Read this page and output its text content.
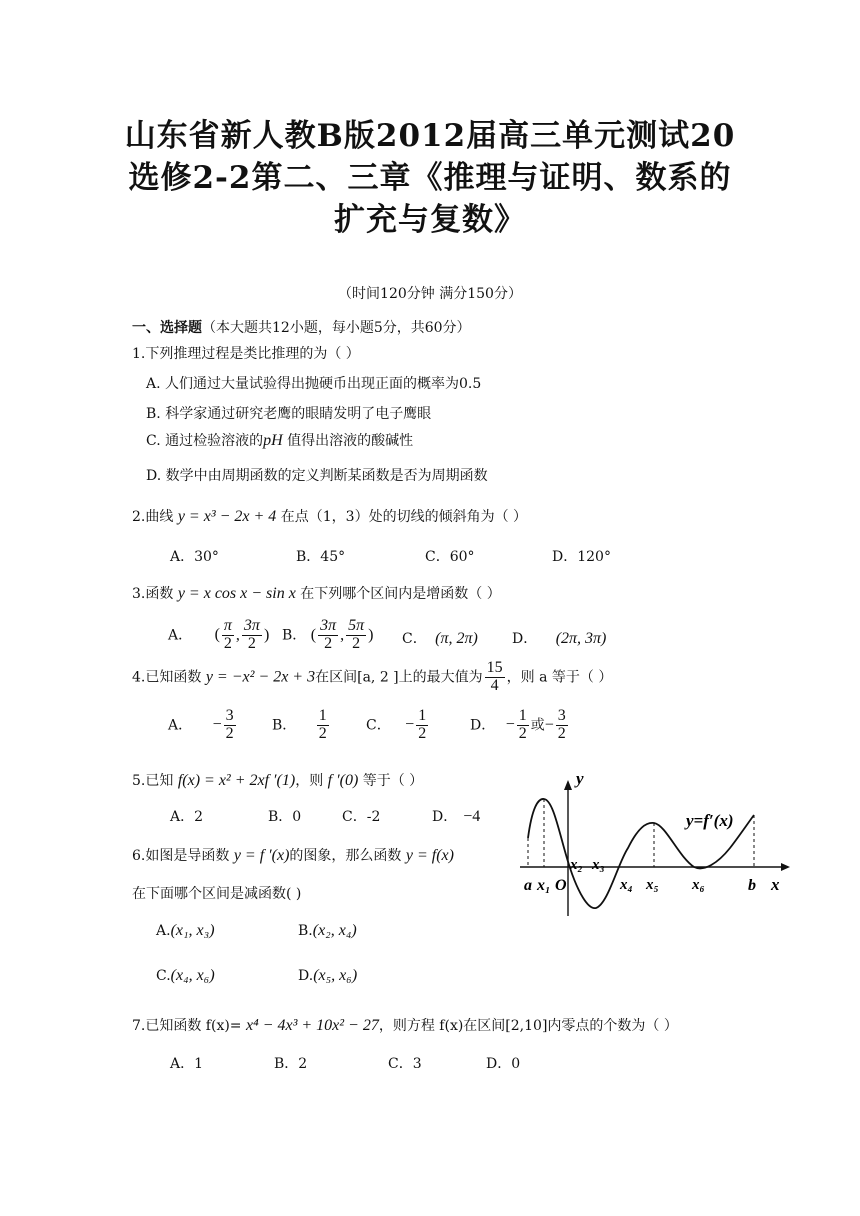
山东省新人教B版2012届高三单元测试20
选修2-2第二、三章《推理与证明、数系的
扩充与复数》
（时间120分钟 满分150分）
一、选择题（本大题共12小题，每小题5分，共60分）
1.下列推理过程是类比推理的为（ ）
A. 人们通过大量试验得出抛硬币出现正面的概率为0.5
B. 科学家通过研究老鹰的眼睛发明了电子鹰眼
C. 通过检验溶液的pH 值得出溶液的酸碱性
D. 数学中由周期函数的定义判断某函数是否为周期函数
2.曲线 y = x³ − 2x + 4 在点（1，3）处的切线的倾斜角为（ ）
A．30°	B．45°	C．60°	D．120°
3.函数 y = x cos x − sin x 在下列哪个区间内是增函数（ ）
A． ( $\frac{\pi}{2}$ , $\frac{3\pi}{2}$ ) B． ( $\frac{3\pi}{2}$ , $\frac{5\pi}{2}$ ) C． (π, 2π) D． (2π, 3π)
4.已知函数 y = −x² − 2x + 3在区间[a, 2 ]上的最大值为 $\frac{15}{4}$ ，则 a 等于（ ）
A． − $\frac{3}{2}$	B． $\frac{1}{2}$	C． − $\frac{1}{2}$	D． − $\frac{1}{2}$ 或− $\frac{3}{2}$
5.已知 f(x) = x² + 2xf ′(1)，则 f ′(0) 等于（ ）
A．2	B．0	C．-2	D． −4
6.如图是导函数 y = f ′(x)的图象，那么函数 y = f(x)
在下面哪个区间是减函数( )
A.(x₁, x₃)	B.(x₂, x₄)
C.(x₄, x₆)	D.(x₅, x₆)
y
x
y=f′(x)
a x₁ O
x₂ x₃
x₄ x₅ x₆	b
7.已知函数 f(x)= x⁴ − 4x³ + 10x² − 27，则方程 f(x)在区间[2,10]内零点的个数为（ ）
A．1	B．2	C．3	D．0
